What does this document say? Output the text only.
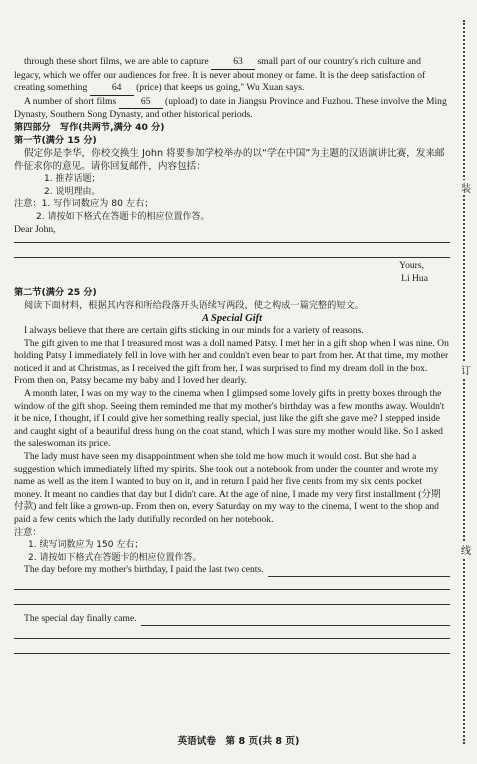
through these short films, we are able to capture	63 small part of our country's rich culture and legacy, which we offer our audiences for free. It is never about money or fame. It is the deep satisfaction of creating something	64 (price) that keeps us going," Wu Xuan says.

A number of short films	65 (upload) to date in Jiangsu Province and Fuzhou. These involve the Ming Dynasty, Southern Song Dynasty, and other historical periods.

第四部分　写作(共两节,满分 40 分)

第一节(满分 15 分)

假定你是李华，你校交换生 John 将要参加学校举办的以“学在中国”为主题的汉语演讲比赛，发来邮件征求你的意见。请你回复邮件，内容包括：

1. 推荐话题；

2. 说明理由。

注意：1. 写作词数应为 80 左右；

2. 请按如下格式在答题卡的相应位置作答。

Dear John,

Yours,

Li Hua

第二节(满分 25 分)

阅读下面材料，根据其内容和所给段落开头语续写两段，使之构成一篇完整的短文。

A Special Gift

I always believe that there are certain gifts sticking in our minds for a variety of reasons.

The gift given to me that I treasured most was a doll named Patsy. I met her in a gift shop when I was nine. On holding Patsy I immediately fell in love with her and couldn't even bear to part from her. At that time, my mother noticed it and at Christmas, as I received the gift from her, I was surprised to find my dream doll in the box. From then on, Patsy became my baby and I loved her dearly.

A month later, I was on my way to the cinema when I glimpsed some lovely gifts in pretty boxes through the window of the gift shop. Seeing them reminded me that my mother's birthday was a few months away. Wouldn't it be nice, I thought, if I could give her something really special, just like the gift she gave me? I stepped inside and caught sight of a beautiful dress hung on the coat stand, which I was sure my mother would like. So I asked the saleswoman its price.

The lady must have seen my disappointment when she told me how much it would cost. But she had a suggestion which immediately lifted my spirits. She took out a notebook from under the counter and wrote my name as well as the item I wanted to buy on it, and in return I paid her five cents from my six cents pocket money. It meant no candies that day but I didn't care. At the age of nine, I made my very first installment (分期付款) and felt like a grown-up. From then on, every Saturday on my way to the cinema, I went to the shop and paid a few cents which the lady dutifully recorded on her notebook.

注意：

1. 续写词数应为 150 左右；

2. 请按如下格式在答题卡的相应位置作答。

The day before my mother's birthday, I paid the last two cents.
The special day finally came.
装
订
线
英语试卷　第 8 页(共 8 页)
